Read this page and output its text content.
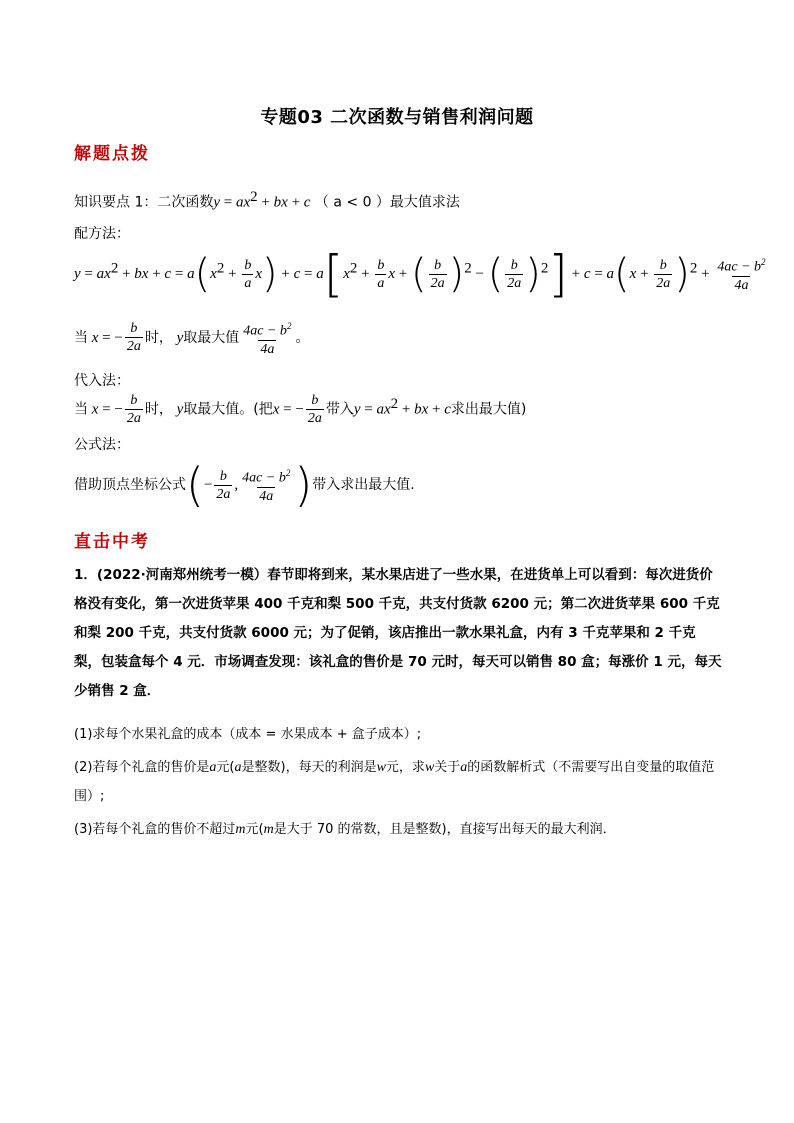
专题03 二次函数与销售利润问题
解题点拨
知识要点 1：二次函数$y = ax^2$ + bx + c （ a < 0 ）最大值求法
配方法：
$y = ax^2$ + bx + $c = a(x^2 + \frac{b}{a} x) + c = a[x^2 + \frac{b}{a}$ x + ( $\frac{b}{2a} )^2$ − ( $\frac{b}{2a} )^2] + c = a(x + \frac{b}{2a} )^2 + \frac{4ac - b^2}{4a}$
当 x = − $\frac{b}{2a}$ 时， y取最大值 $\frac{4ac - b^2}{4a}$ 。
代入法：
当 x = − $\frac{b}{2a}$ 时， y取最大值。(把x = − $\frac{b}{2a}$ 带入$y = ax^2$ + bx + c求出最大值)
公式法：
借助顶点坐标公式(− $\frac{b}{2a}$ , $\frac{4ac - b^2}{4a}$ )带入求出最大值.
直击中考
1．(2022·河南郑州统考一模）春节即将到来，某水果店进了一些水果，在进货单上可以看到：每次进货价格没有变化，第一次进货苹果 400 千克和梨 500 千克，共支付货款 6200 元；第二次进货苹果 600 千克和梨 200 千克，共支付货款 6000 元；为了促销，该店推出一款水果礼盒，内有 3 千克苹果和 2 千克梨，包装盒每个 4 元．市场调查发现：该礼盒的售价是 70 元时，每天可以销售 80 盒；每涨价 1 元，每天少销售 2 盒．
(1)求每个水果礼盒的成本（成本 = 水果成本 + 盒子成本）;
(2)若每个礼盒的售价是a元(a是整数)，每天的利润是w元，求w关于a的函数解析式（不需要写出自变量的取值范围）;
(3)若每个礼盒的售价不超过m元(m是大于 70 的常数，且是整数)，直接写出每天的最大利润．
